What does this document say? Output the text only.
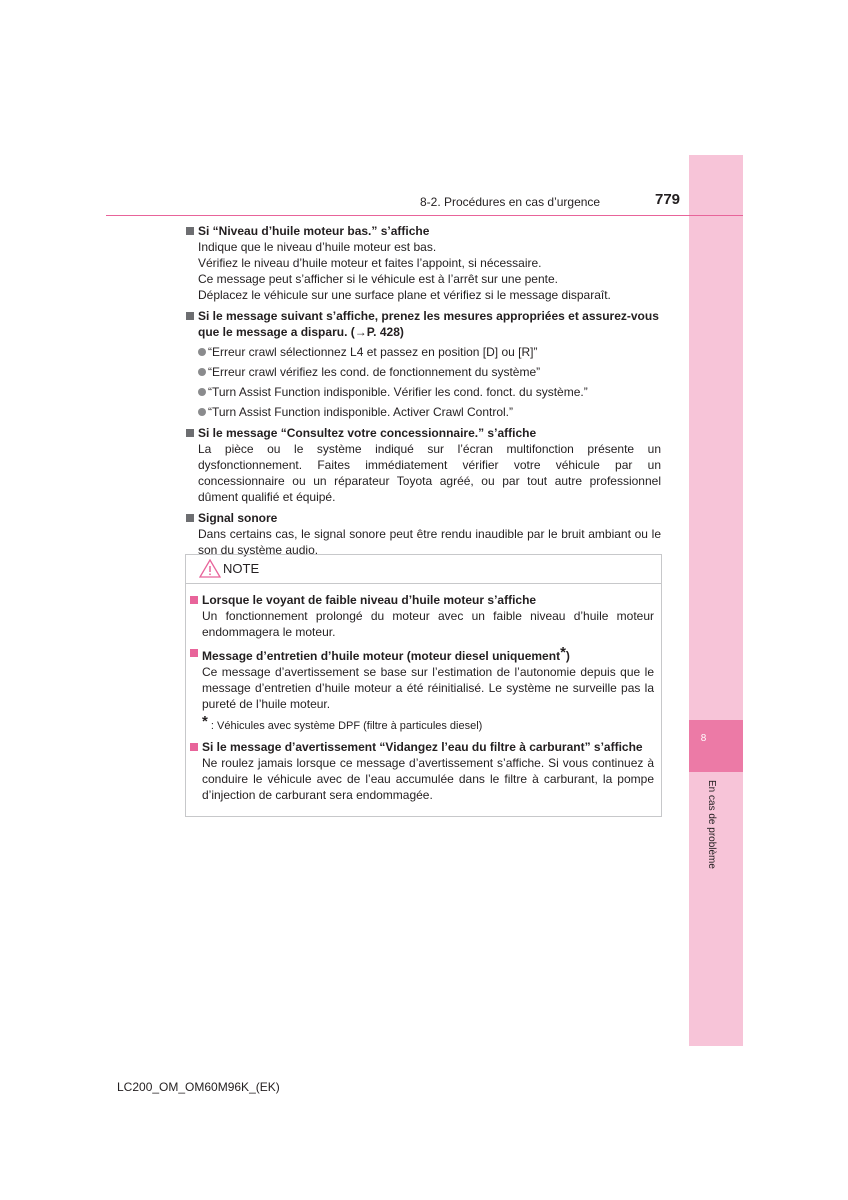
8
En cas de problème
8-2. Procédures en cas d’urgence	779
Si “Niveau d’huile moteur bas.” s’affiche
Indique que le niveau d’huile moteur est bas.
Vérifiez le niveau d’huile moteur et faites l’appoint, si nécessaire.
Ce message peut s’afficher si le véhicule est à l’arrêt sur une pente.
Déplacez le véhicule sur une surface plane et vérifiez si le message disparaît.
Si le message suivant s’affiche, prenez les mesures appropriées et assurez-vous que le message a disparu. (→P. 428)
“Erreur crawl sélectionnez L4 et passez en position [D] ou [R]”
“Erreur crawl vérifiez les cond. de fonctionnement du système”
“Turn Assist Function indisponible. Vérifier les cond. fonct. du système.”
“Turn Assist Function indisponible. Activer Crawl Control.”
Si le message “Consultez votre concessionnaire.” s’affiche
La pièce ou le système indiqué sur l’écran multifonction présente un dysfonctionnement. Faites immédiatement vérifier votre véhicule par un concessionnaire ou un réparateur Toyota agréé, ou par tout autre professionnel dûment qualifié et équipé.
Signal sonore
Dans certains cas, le signal sonore peut être rendu inaudible par le bruit ambiant ou le son du système audio.
NOTE
Lorsque le voyant de faible niveau d’huile moteur s’affiche
Un fonctionnement prolongé du moteur avec un faible niveau d’huile moteur endommagera le moteur.
Message d’entretien d’huile moteur (moteur diesel uniquement*)
Ce message d’avertissement se base sur l’estimation de l’autonomie depuis que le message d’entretien d’huile moteur a été réinitialisé. Le système ne surveille pas la pureté de l’huile moteur.
* : Véhicules avec système DPF (filtre à particules diesel)
Si le message d’avertissement “Vidangez l’eau du filtre à carburant” s’affiche
Ne roulez jamais lorsque ce message d’avertissement s’affiche. Si vous continuez à conduire le véhicule avec de l’eau accumulée dans le filtre à carburant, la pompe d’injection de carburant sera endommagée.
LC200_OM_OM60M96K_(EK)
